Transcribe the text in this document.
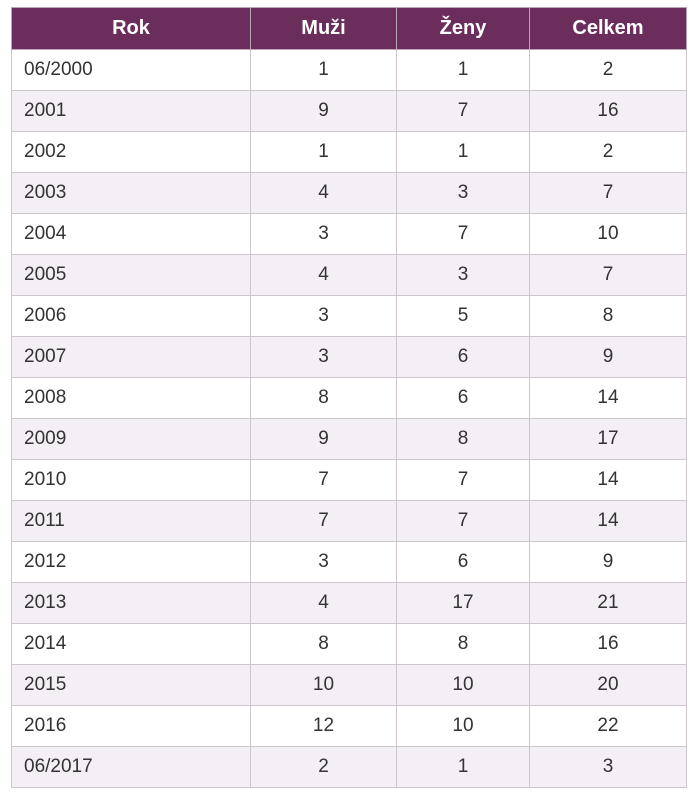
Rok	Muži	Ženy	Celkem
06/2000	1	1	2
2001	9	7	16
2002	1	1	2
2003	4	3	7
2004	3	7	10
2005	4	3	7
2006	3	5	8
2007	3	6	9
2008	8	6	14
2009	9	8	17
2010	7	7	14
2011	7	7	14
2012	3	6	9
2013	4	17	21
2014	8	8	16
2015	10	10	20
2016	12	10	22
06/2017	2	1	3
